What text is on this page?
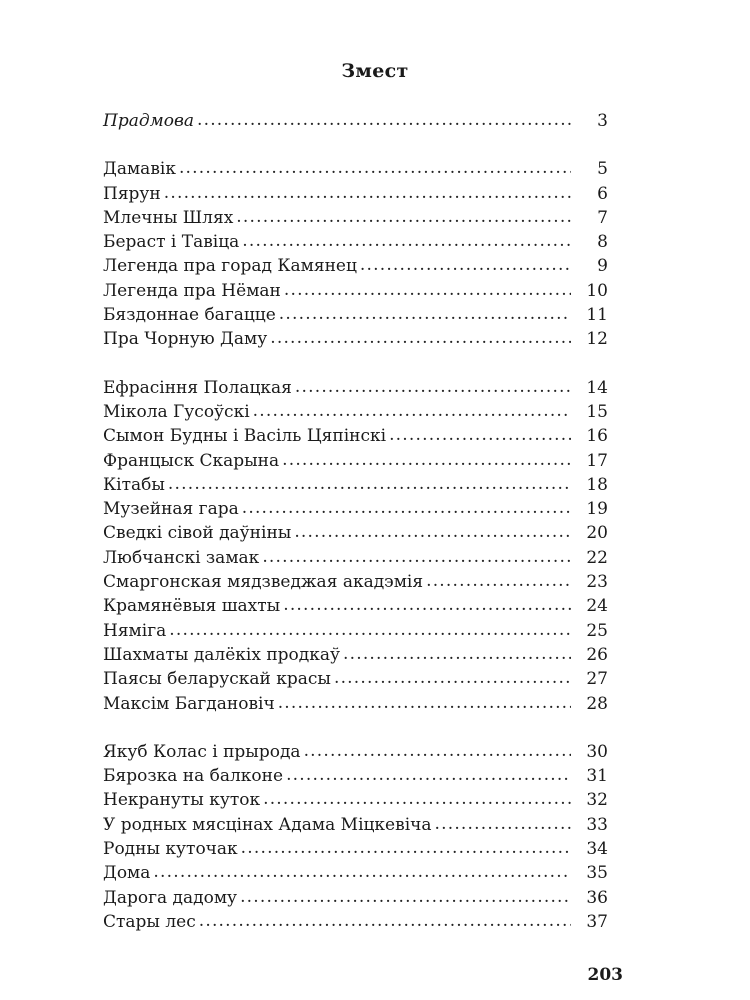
Змест
Прадмова .....	3
Дамавік .....	5
Пярун .....	6
Млечны Шлях .....	7
Бераст і Тавіца .....	8
Легенда пра горад Камянец .....	9
Легенда пра Нёман .....	10
Бяздоннае багацце .....	11
Пра Чорную Даму .....	12
Ефрасіння Полацкая .....	14
Мікола Гусоўскі .....	15
Сымон Будны і Васіль Цяпінскі .....	16
Францыск Скарына .....	17
Кітабы .....	18
Музейная гара .....	19
Сведкі сівой даўніны .....	20
Любчанскі замак .....	22
Смаргонская мядзведжая акадэмія .....	23
Крамянёвыя шахты .....	24
Няміга .....	25
Шахматы далёкіх продкаў .....	26
Паясы беларускай красы .....	27
Максім Багдановіч .....	28
Якуб Колас і прырода .....	30
Бярозка на балконе .....	31
Некрануты куток .....	32
У родных мясцінах Адама Міцкевіча .....	33
Родны куточак .....	34
Дома .....	35
Дарога дадому .....	36
Стары лес .....	37
203
